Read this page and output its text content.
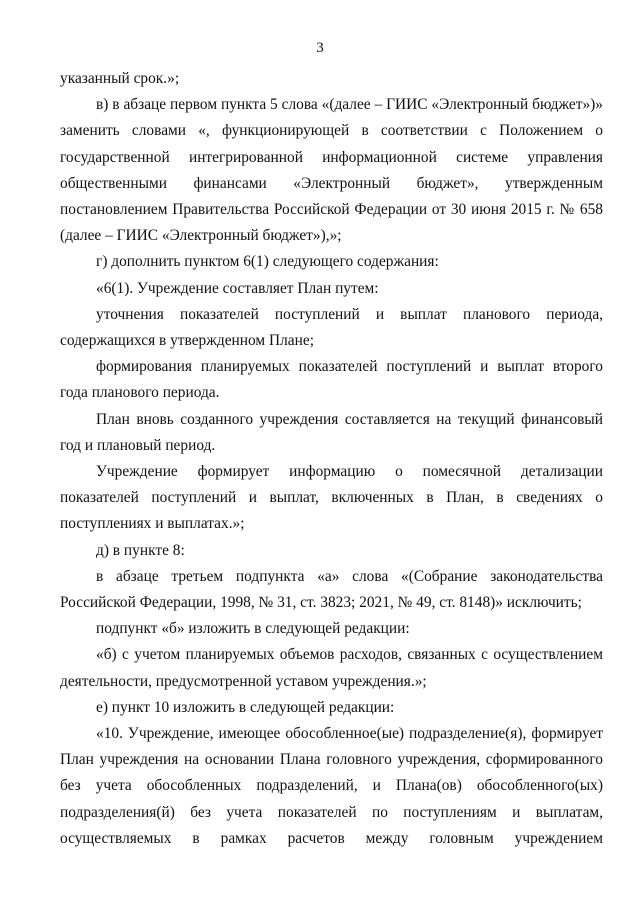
3

указанный срок.»;

в) в абзаце первом пункта 5 слова «(далее – ГИИС «Электронный бюджет»)» заменить словами «, функционирующей в соответствии с Положением о государственной интегрированной информационной системе управления общественными финансами «Электронный бюджет», утвержденным постановлением Правительства Российской Федерации от 30 июня 2015 г. № 658 (далее – ГИИС «Электронный бюджет»),»;

г) дополнить пунктом 6(1) следующего содержания:

«6(1). Учреждение составляет План путем:

уточнения показателей поступлений и выплат планового периода, содержащихся в утвержденном Плане;

формирования планируемых показателей поступлений и выплат второго года планового периода.

План вновь созданного учреждения составляется на текущий финансовый год и плановый период.

Учреждение формирует информацию о помесячной детализации показателей поступлений и выплат, включенных в План, в сведениях о поступлениях и выплатах.»;

д) в пункте 8:

в абзаце третьем подпункта «а» слова «(Собрание законодательства Российской Федерации, 1998, № 31, ст. 3823; 2021, № 49, ст. 8148)» исключить;

подпункт «б» изложить в следующей редакции:

«б) с учетом планируемых объемов расходов, связанных с осуществлением деятельности, предусмотренной уставом учреждения.»;

е) пункт 10 изложить в следующей редакции:

«10. Учреждение, имеющее обособленное(ые) подразделение(я), формирует План учреждения на основании Плана головного учреждения, сформированного без учета обособленных подразделений, и Плана(ов) обособленного(ых) подразделения(й) без учета показателей по поступлениям и выплатам, осуществляемых в рамках расчетов между головным учреждением
